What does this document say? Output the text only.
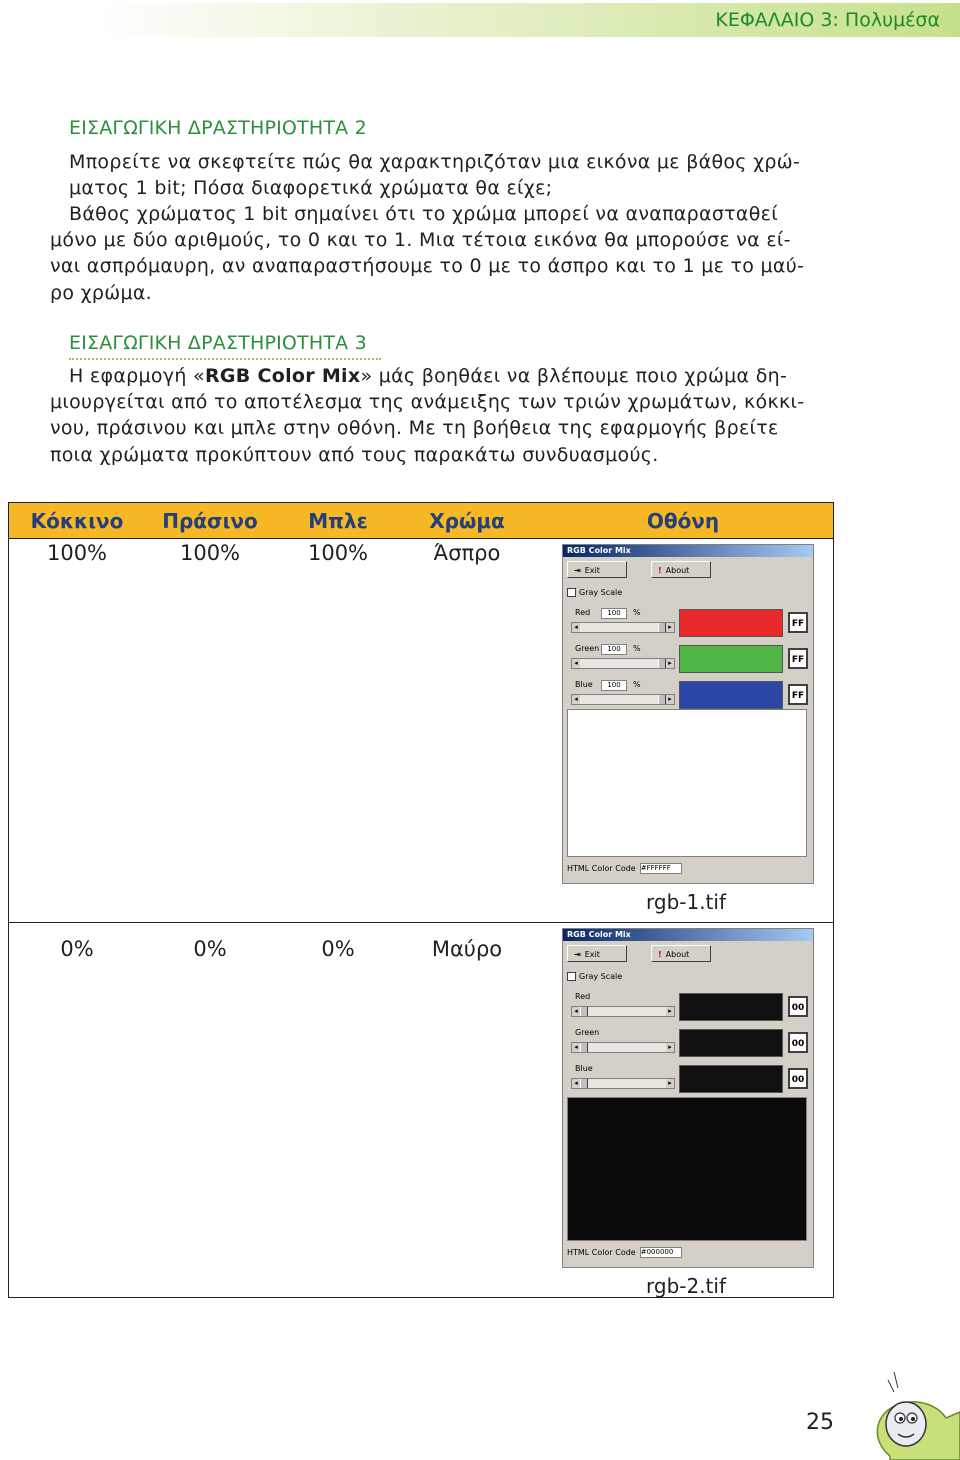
ΚΕΦΑΛΑΙΟ 3: Πολυμέσα
ΕΙΣΑΓΩΓΙΚΗ ΔΡΑΣΤΗΡΙΟΤΗΤΑ 2
Μπορείτε να σκεφτείτε πώς θα χαρακτηριζόταν μια εικόνα με βάθος χρώ-
ματος 1 bit; Πόσα διαφορετικά χρώματα θα είχε;
Βάθος χρώματος 1 bit σημαίνει ότι το χρώμα μπορεί να αναπαρασταθεί
μόνο με δύο αριθμούς, το 0 και το 1. Μια τέτοια εικόνα θα μπορούσε να εί-
ναι ασπρόμαυρη, αν αναπαραστήσουμε το 0 με το άσπρο και το 1 με το μαύ-
ρο χρώμα.
ΕΙΣΑΓΩΓΙΚΗ ΔΡΑΣΤΗΡΙΟΤΗΤΑ 3
Η εφαρμογή «RGB Color Mix» μάς βοηθάει να βλέπουμε ποιο χρώμα δη-
μιουργείται από το αποτέλεσμα της ανάμειξης των τριών χρωμάτων, κόκκι-
νου, πράσινου και μπλε στην οθόνη. Με τη βοήθεια της εφαρμογής βρείτε
ποια χρώματα προκύπτουν από τους παρακάτω συνδυασμούς.
Κόκκινο	Πράσινο	Μπλε	Χρώμα	Οθόνη

100%	100%	100%	Άσπρο	

0%	0%	0%	Μαύρο	

RGB Color Mix
⇥ Exit	! About
Gray Scale
Red	100	%
◂	▸	FF
Green	100	%
◂	▸	FF
Blue	100	%
◂	▸	FF
HTML Color Code #FFFFFF
RGB Color Mix
⇥ Exit	! About
Gray Scale
Red
◂	▸	00
Green
◂	▸	00
Blue
◂	▸	00
HTML Color Code #000000
rgb-1.tif
rgb-2.tif
25
